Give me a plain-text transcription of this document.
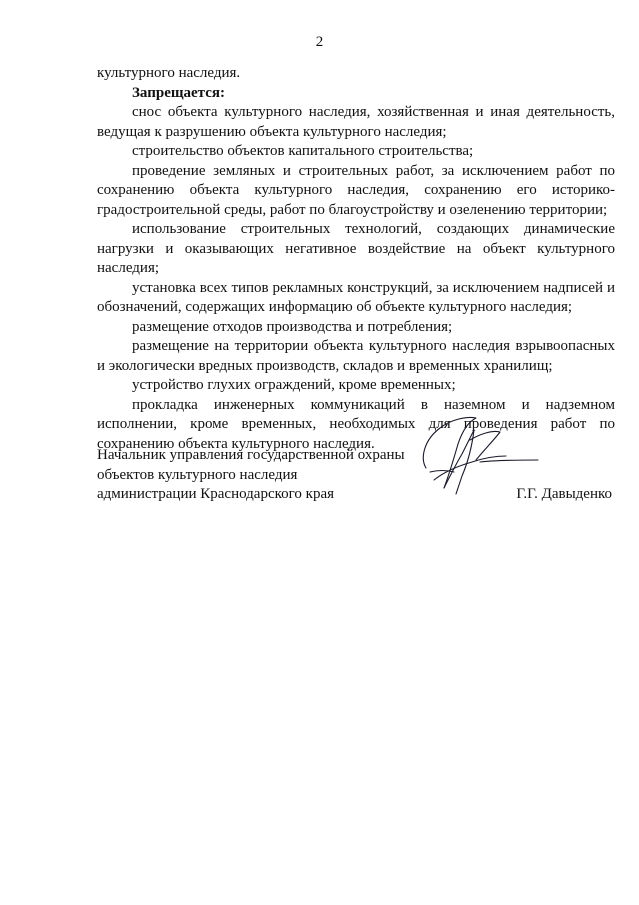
2

культурного наследия.

Запрещается:

снос объекта культурного наследия, хозяйственная и иная деятельность, ведущая к разрушению объекта культурного наследия;

строительство объектов капитального строительства;

проведение земляных и строительных работ, за исключением работ по сохранению объекта культурного наследия, сохранению его историко-градостроительной среды, работ по благоустройству и озеленению территории;

использование строительных технологий, создающих динамические нагрузки и оказывающих негативное воздействие на объект культурного наследия;

установка всех типов рекламных конструкций, за исключением надписей и обозначений, содержащих информацию об объекте культурного наследия;

размещение отходов производства и потребления;

размещение на территории объекта культурного наследия взрывоопасных и экологически вредных производств, складов и временных хранилищ;

устройство глухих ограждений, кроме временных;

прокладка инженерных коммуникаций в наземном и надземном исполнении, кроме временных, необходимых для проведения работ по сохранению объекта культурного наследия.

Начальник управления государственной охраны
объектов культурного наследия
администрации Краснодарского края	Г.Г. Давыденко
